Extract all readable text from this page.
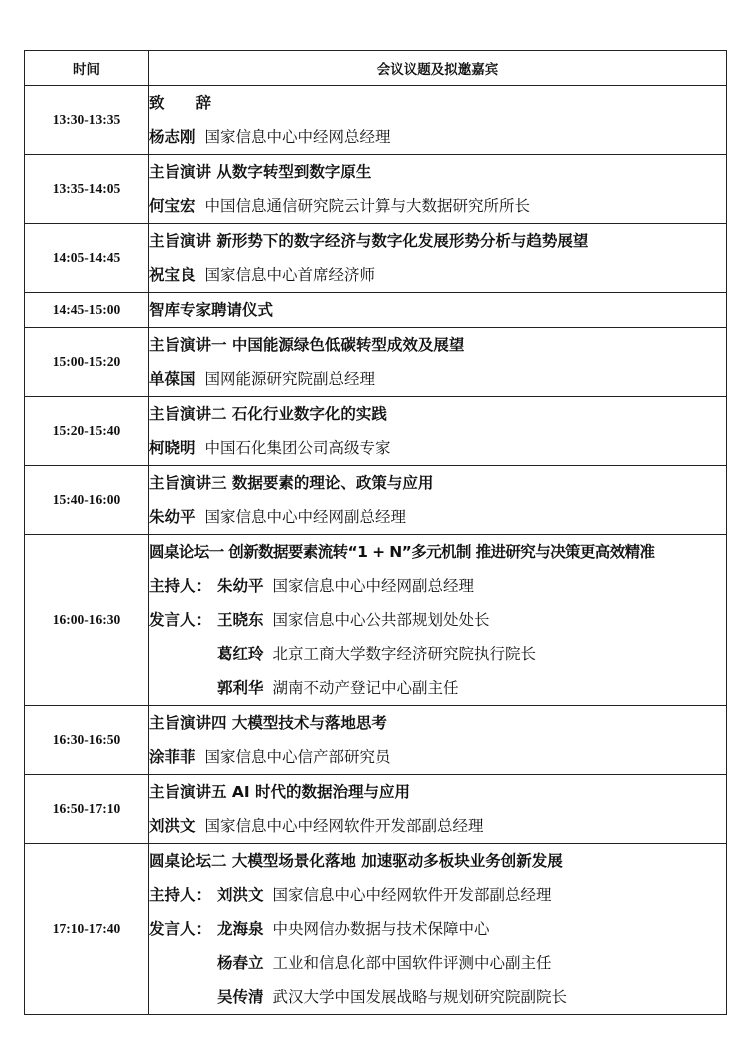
时间	会议议题及拟邀嘉宾
13:30-13:35	致　　辞
杨志刚 国家信息中心中经网总经理

13:35-14:05	主旨演讲 从数字转型到数字原生
何宝宏 中国信息通信研究院云计算与大数据研究所所长

14:05-14:45	主旨演讲 新形势下的数字经济与数字化发展形势分析与趋势展望
祝宝良 国家信息中心首席经济师

14:45-15:00	智库专家聘请仪式

15:00-15:20	主旨演讲一 中国能源绿色低碳转型成效及展望
单葆国 国网能源研究院副总经理

15:20-15:40	主旨演讲二 石化行业数字化的实践
柯晓明 中国石化集团公司高级专家

15:40-16:00	主旨演讲三 数据要素的理论、政策与应用
朱幼平 国家信息中心中经网副总经理

16:00-16:30	圆桌论坛一 创新数据要素流转“1 + N”多元机制 推进研究与决策更高效精准
主持人： 朱幼平 国家信息中心中经网副总经理
发言人： 王晓东 国家信息中心公共部规划处处长
葛红玲 北京工商大学数字经济研究院执行院长
郭利华 湖南不动产登记中心副主任

16:30-16:50	主旨演讲四 大模型技术与落地思考
涂菲菲 国家信息中心信产部研究员

16:50-17:10	主旨演讲五 AI 时代的数据治理与应用
刘洪文 国家信息中心中经网软件开发部副总经理

17:10-17:40	圆桌论坛二 大模型场景化落地 加速驱动多板块业务创新发展
主持人： 刘洪文 国家信息中心中经网软件开发部副总经理
发言人： 龙海泉 中央网信办数据与技术保障中心
杨春立 工业和信息化部中国软件评测中心副主任
吴传清 武汉大学中国发展战略与规划研究院副院长
